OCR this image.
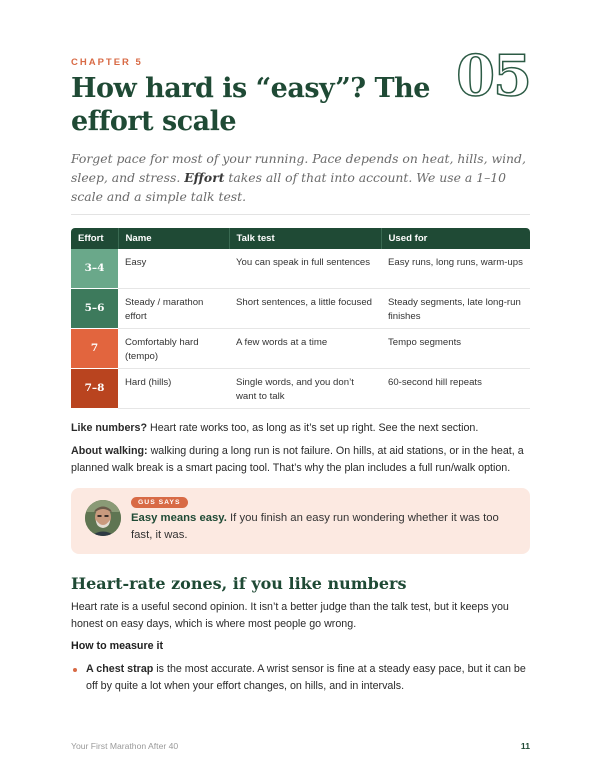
CHAPTER 5	05
How hard is “easy”? The effort scale

Forget pace for most of your running. Pace depends on heat, hills, wind, sleep, and stress. Effort takes all of that into account. We use a 1–10 scale and a simple talk test.

Effort	Name	Talk test	Used for
3–4	Easy	You can speak in full sentences	Easy runs, long runs, warm-ups
5–6	Steady / marathon effort	Short sentences, a little focused	Steady segments, late long-run finishes
7	Comfortably hard (tempo)	A few words at a time	Tempo segments
7–8	Hard (hills)	Single words, and you don’t want to talk	60-second hill repeats

Like numbers? Heart rate works too, as long as it’s set up right. See the next section.

About walking: walking during a long run is not failure. On hills, at aid stations, or in the heat, a planned walk break is a smart pacing tool. That’s why the plan includes a full run/walk option.

GUS SAYS

Easy means easy. If you finish an easy run wondering whether it was too fast, it was.

Heart-rate zones, if you like numbers

Heart rate is a useful second opinion. It isn’t a better judge than the talk test, but it keeps you honest on easy days, which is where most people go wrong.

How to measure it

A chest strap is the most accurate. A wrist sensor is fine at a steady easy pace, but it can be off by quite a lot when your effort changes, on hills, and in intervals.

Your First Marathon After 40	11
